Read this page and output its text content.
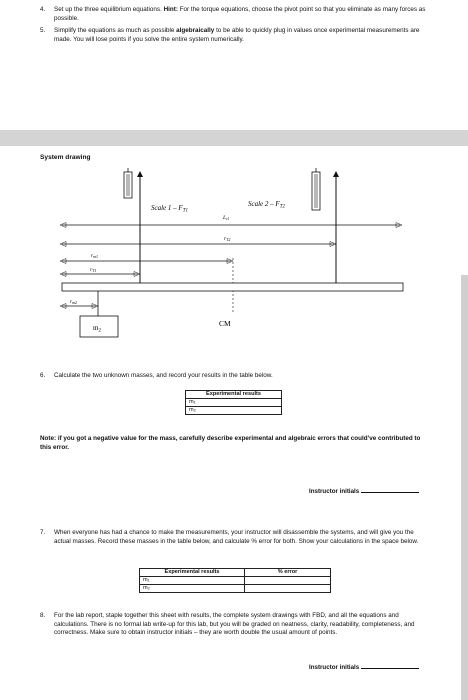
4.	Set up the three equilibrium equations. Hint: For the torque equations, choose the pivot point so that you eliminate as many forces as possible.
5.	Simplify the equations as much as possible algebraically to be able to quickly plug in values once experimental measurements are made. You will lose points if you solve the entire system numerically.
System drawing
Scale $1 - F_{T1}$
Scale $2 - F_{T2}$
Lcl
rT2
rm1
rT1
rm2
$m_2$
CM
6.	Calculate the two unknown masses, and record your results in the table below.
Experimental results
m₁
m₂
Note: if you got a negative value for the mass, carefully describe experimental and algebraic errors that could’ve contributed to this error.
Instructor initials
7.	When everyone has had a chance to make the measurements, your instructor will disassemble the systems, and will give you the actual masses. Record these masses in the table below, and calculate % error for both. Show your calculations in the space below.
Experimental results	% error
m₁	
m₂	
8.	For the lab report, staple together this sheet with results, the complete system drawings with FBD, and all the equations and calculations. There is no formal lab write-up for this lab, but you will be graded on neatness, clarity, readability, completeness, and correctness. Make sure to obtain instructor initials – they are worth double the usual amount of points.
Instructor initials
